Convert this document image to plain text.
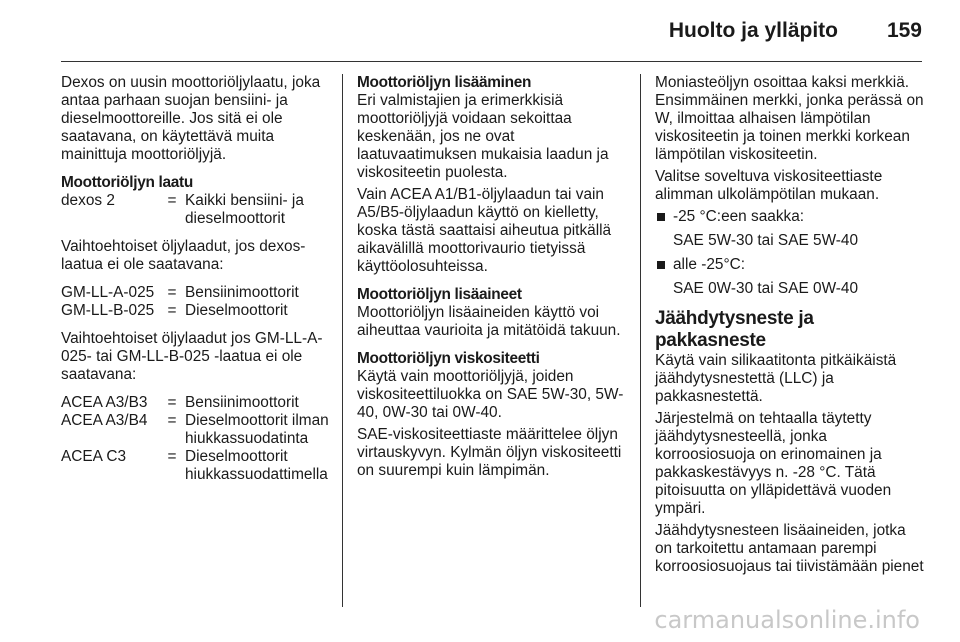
Huolto ja ylläpito 159

Dexos on uusin moottoriöljylaatu, joka antaa parhaan suojan bensiini- ja dieselmoottoreille. Jos sitä ei ole saatavana, on käytettävä muita mainittuja moottoriöljyjä.

Moottoriöljyn laatu

dexos 2	=	Kaikki bensiini- ja dieselmoottorit

Vaihtoehtoiset öljylaadut, jos dexos-laatua ei ole saatavana:

GM-LL-A-025	=	Bensiinimoottorit
GM-LL-B-025	=	Dieselmoottorit

Vaihtoehtoiset öljylaadut jos GM-LL-A-025- tai GM-LL-B-025 -laatua ei ole saatavana:

ACEA A3/B3	=	Bensiinimoottorit
ACEA A3/B4	=	Dieselmoottorit ilman hiukkassuodatinta
ACEA C3	=	Dieselmoottorit hiukkassuodattimella

Moottoriöljyn lisääminen

Eri valmistajien ja erimerkkisiä moottoriöljyjä voidaan sekoittaa keskenään, jos ne ovat laatuvaatimuksen mukaisia laadun ja viskositeetin puolesta.

Vain ACEA A1/B1-öljylaadun tai vain A5/B5-öljylaadun käyttö on kielletty, koska tästä saattaisi aiheutua pitkällä aikavälillä moottorivaurio tietyissä käyttöolosuhteissa.

Moottoriöljyn lisäaineet

Moottoriöljyn lisäaineiden käyttö voi aiheuttaa vaurioita ja mitätöidä takuun.

Moottoriöljyn viskositeetti

Käytä vain moottoriöljyjä, joiden viskositeettiluokka on SAE 5W-30, 5W-40, 0W-30 tai 0W-40.

SAE-viskositeettiaste määrittelee öljyn virtauskyvyn. Kylmän öljyn viskositeetti on suurempi kuin lämpimän.

Moniasteöljyn osoittaa kaksi merkkiä. Ensimmäinen merkki, jonka perässä on W, ilmoittaa alhaisen lämpötilan viskositeetin ja toinen merkki korkean lämpötilan viskositeetin.

Valitse soveltuva viskositeettiaste alimman ulkolämpötilan mukaan.

-25 °C:een saakka:
SAE 5W-30 tai SAE 5W-40
alle -25°C:
SAE 0W-30 tai SAE 0W-40

Jäähdytysneste ja pakkasneste

Käytä vain silikaatitonta pitkäikäistä jäähdytysnestettä (LLC) ja pakkasnestettä.

Järjestelmä on tehtaalla täytetty jäähdytysnesteellä, jonka korroosiosuoja on erinomainen ja pakkaskestävyys n. -28 °C. Tätä pitoisuutta on ylläpidettävä vuoden ympäri.

Jäähdytysnesteen lisäaineiden, jotka on tarkoitettu antamaan parempi korroosiosuojaus tai tiivistämään pienet

carmanualsonline.info
